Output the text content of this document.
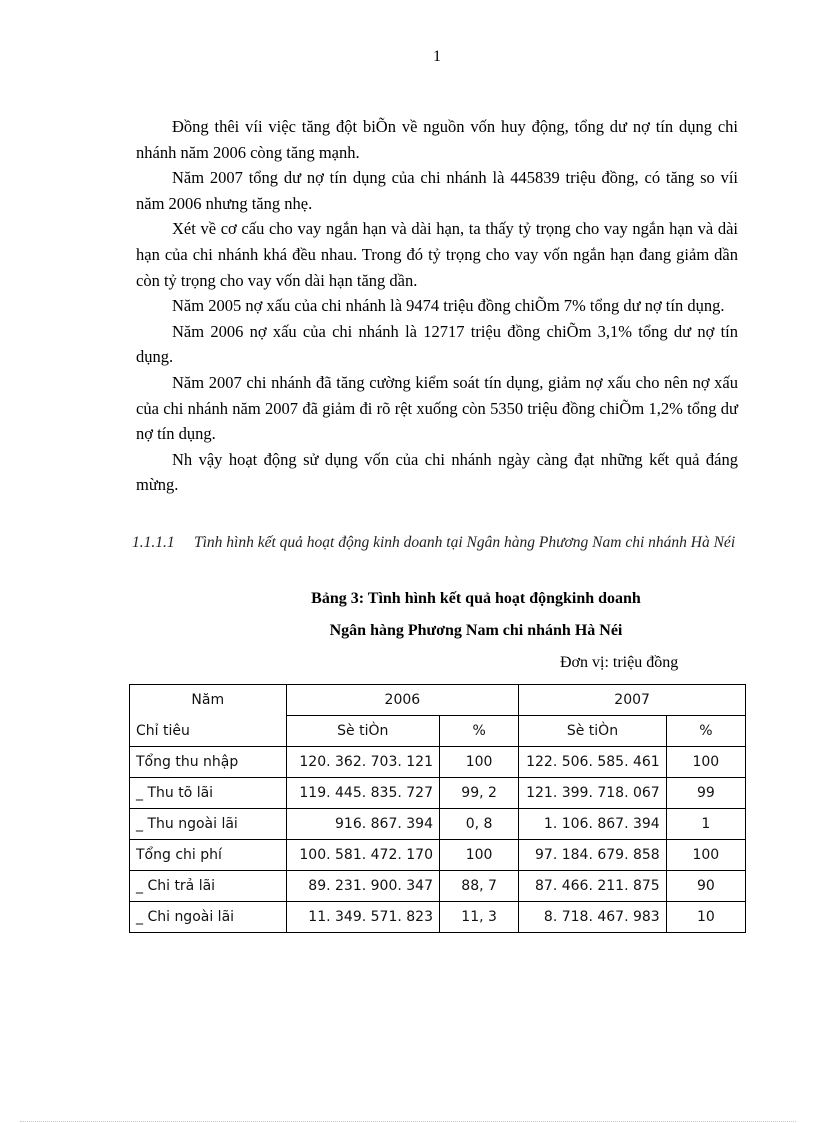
1

Đồng thêi víi việc tăng đột biÕn về nguồn vốn huy động, tổng dư nợ tín dụng chi nhánh năm 2006 còng tăng mạnh.

Năm 2007 tổng dư nợ tín dụng của chi nhánh là 445839 triệu đồng, có tăng so víi năm 2006 nhưng tăng nhẹ.

Xét về cơ cấu cho vay ngắn hạn và dài hạn, ta thấy tỷ trọng cho vay ngắn hạn và dài hạn của chi nhánh khá đều nhau. Trong đó tỷ trọng cho vay vốn ngắn hạn đang giảm dần còn tỷ trọng cho vay vốn dài hạn tăng dần.

Năm 2005 nợ xấu của chi nhánh là 9474 triệu đồng chiÕm 7% tổng dư nợ tín dụng.

Năm 2006 nợ xấu của chi nhánh là 12717 triệu đồng chiÕm 3,1% tổng dư nợ tín dụng.

Năm 2007 chi nhánh đã tăng cường kiểm soát tín dụng, giảm nợ xấu cho nên nợ xấu của chi nhánh năm 2007 đã giảm đi rõ rệt xuống còn 5350 triệu đồng chiÕm 1,2% tổng dư nợ tín dụng.

Nh vậy hoạt động sử dụng vốn của chi nhánh ngày càng đạt những kết quả đáng mừng.

1.1.1.1 Tình hình kết quả hoạt động kinh doanh tại Ngân hàng Phương Nam chi nhánh Hà Néi
Bảng 3: Tình hình kết quả hoạt độngkinh doanh
Ngân hàng Phương Nam chi nhánh Hà Néi
Đơn vị: triệu đồng
Năm	2006		2007	
Chỉ tiêu	Sè tiÒn	%	Sè tiÒn	%
Tổng thu nhập	120. 362. 703. 121	100	122. 506. 585. 461	100
_ Thu tõ lãi	119. 445. 835. 727	99, 2	121. 399. 718. 067	99
_ Thu ngoài lãi	916. 867. 394	0, 8	1. 106. 867. 394	1
Tổng chi phí	100. 581. 472. 170	100	97. 184. 679. 858	100
_ Chi trả lãi	89. 231. 900. 347	88, 7	87. 466. 211. 875	90
_ Chi ngoài lãi	11. 349. 571. 823	11, 3	8. 718. 467. 983	10
